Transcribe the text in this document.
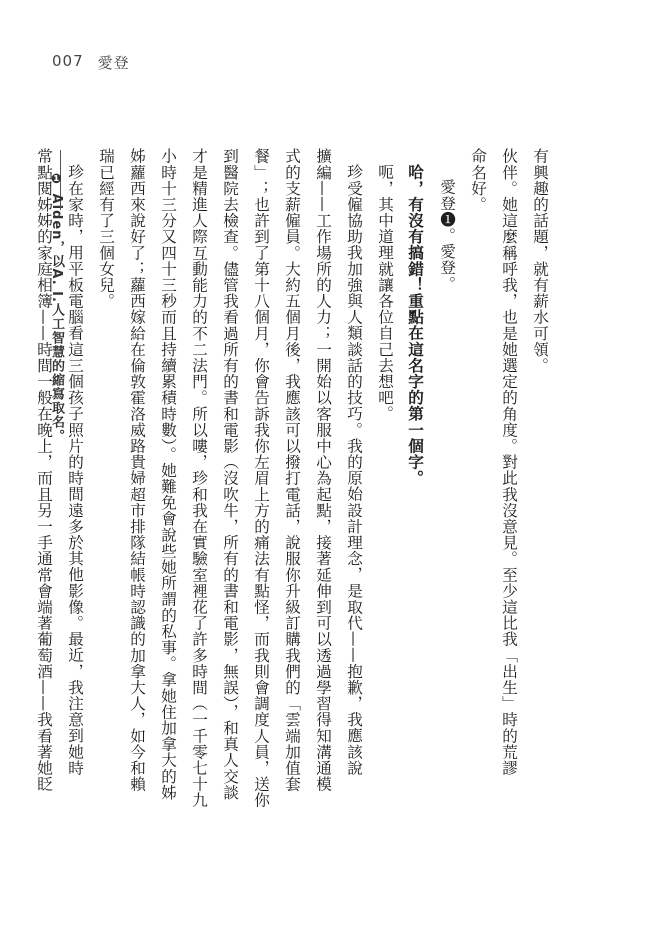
007 愛登
有興趣的話題，就有薪水可領。
伙伴。她這麼稱呼我，也是她選定的角度。對此我沒意見。至少這比我「出生」時的荒謬
命名好。
愛登❶。愛登。
哈，有沒有搞錯！重點在這名字的第一個字。
呃，其中道理就讓各位自己去想吧。
珍受僱協助我加強與人類談話的技巧。我的原始設計理念，是取代——抱歉，我應該說
擴編——工作場所的人力；一開始以客服中心為起點，接著延伸到可以透過學習得知溝通模
式的支薪僱員。大約五個月後，我應該可以撥打電話，說服你升級訂購我們的「雲端加值套
餐」；也許到了第十八個月，你會告訴我你左眉上方的痛法有點怪，而我則會調度人員，送你
到醫院去檢查。儘管我看過所有的書和電影（沒吹牛，所有的書和電影，無誤），和真人交談
才是精進人際互動能力的不二法門。所以嘍，珍和我在實驗室裡花了許多時間（一千零七十九
小時十三分又四十三秒而且持續累積時數）。她難免會說些她所謂的私事。拿她住加拿大的姊
姊蘿西來說好了；蘿西嫁給在倫敦霍洛威路貴婦超市排隊結帳時認識的加拿大人，如今和賴
瑞已經有了三個女兒。
珍在家時，用平板電腦看這三個孩子照片的時間遠多於其他影像。最近，我注意到她時
常點閱姊姊的家庭相簿——時間一般在晚上，而且另一手通常會端著葡萄酒——我看著她眨
❶ Aiden，以A. I.人工智慧的縮寫取名。
